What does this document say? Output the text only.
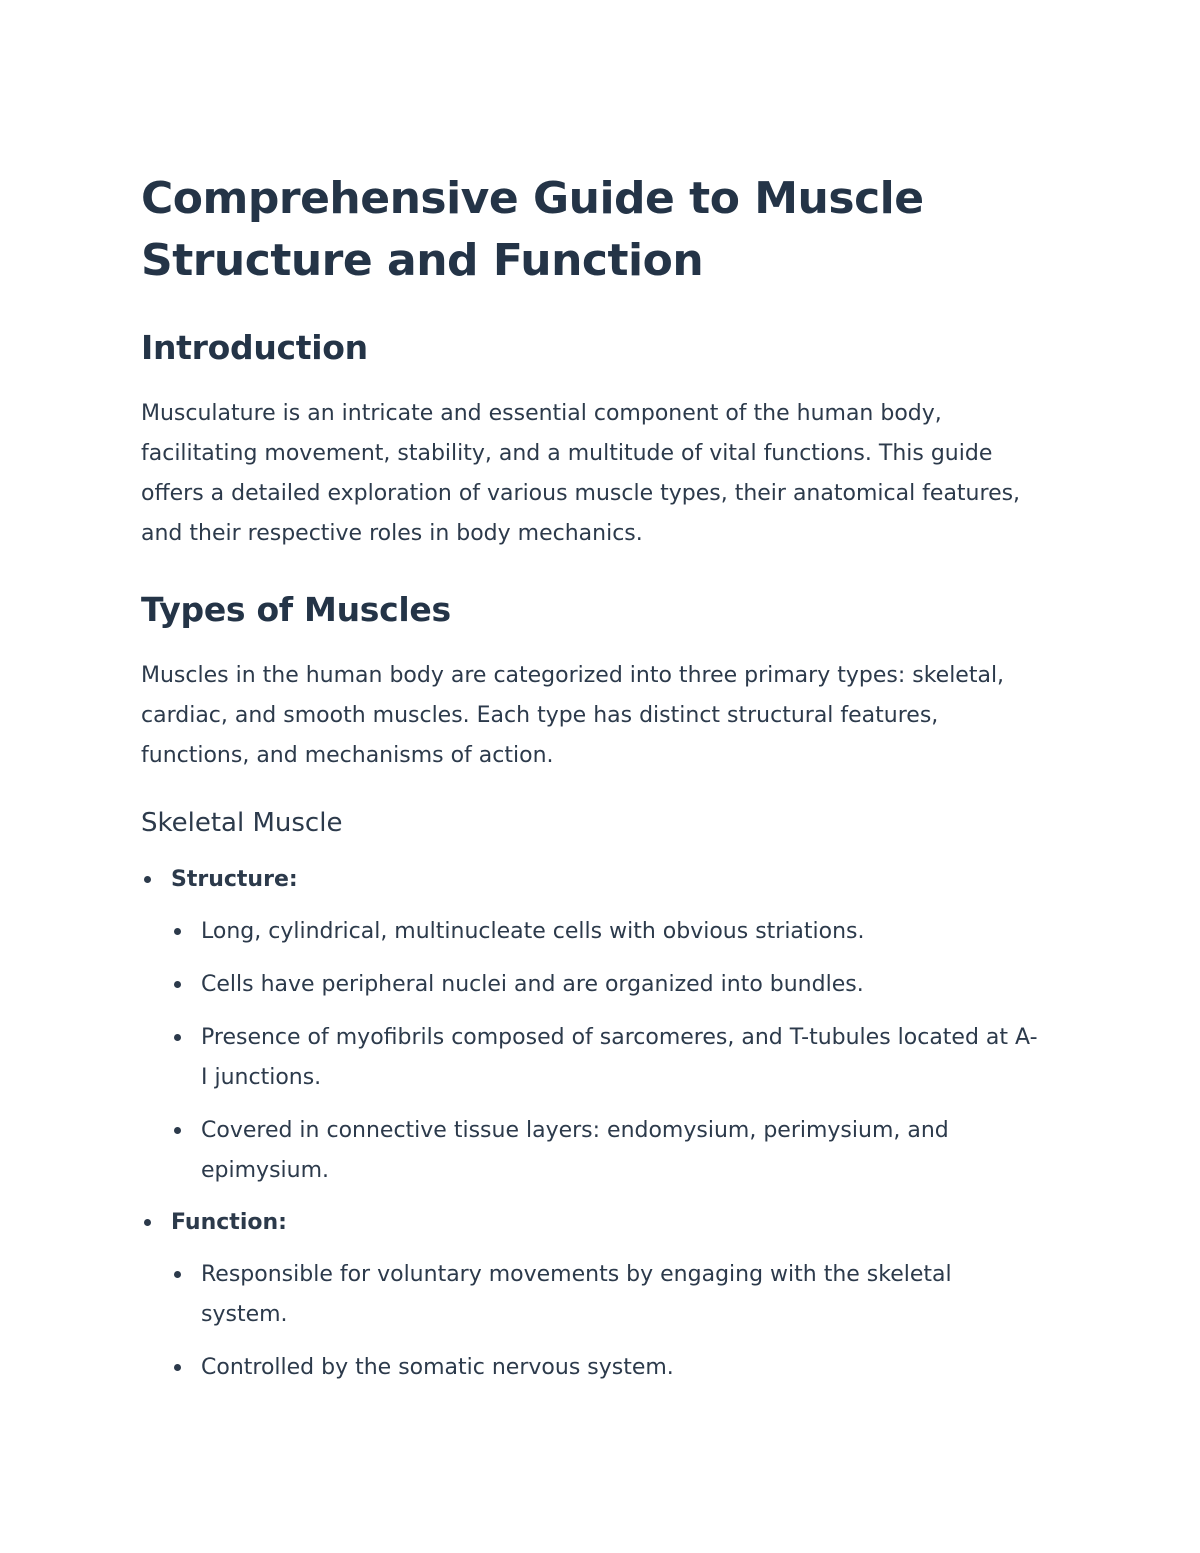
Comprehensive Guide to Muscle Structure and Function
Introduction

Musculature is an intricate and essential component of the human body, facilitating movement, stability, and a multitude of vital functions. This guide offers a detailed exploration of various muscle types, their anatomical features, and their respective roles in body mechanics.

Types of Muscles

Muscles in the human body are categorized into three primary types: skeletal, cardiac, and smooth muscles. Each type has distinct structural features, functions, and mechanisms of action.

Skeletal Muscle
Structure:
Long, cylindrical, multinucleate cells with obvious striations.
Cells have peripheral nuclei and are organized into bundles.
Presence of myofibrils composed of sarcomeres, and T-tubules located at A-I junctions.
Covered in connective tissue layers: endomysium, perimysium, and epimysium.
Function:
Responsible for voluntary movements by engaging with the skeletal system.
Controlled by the somatic nervous system.
